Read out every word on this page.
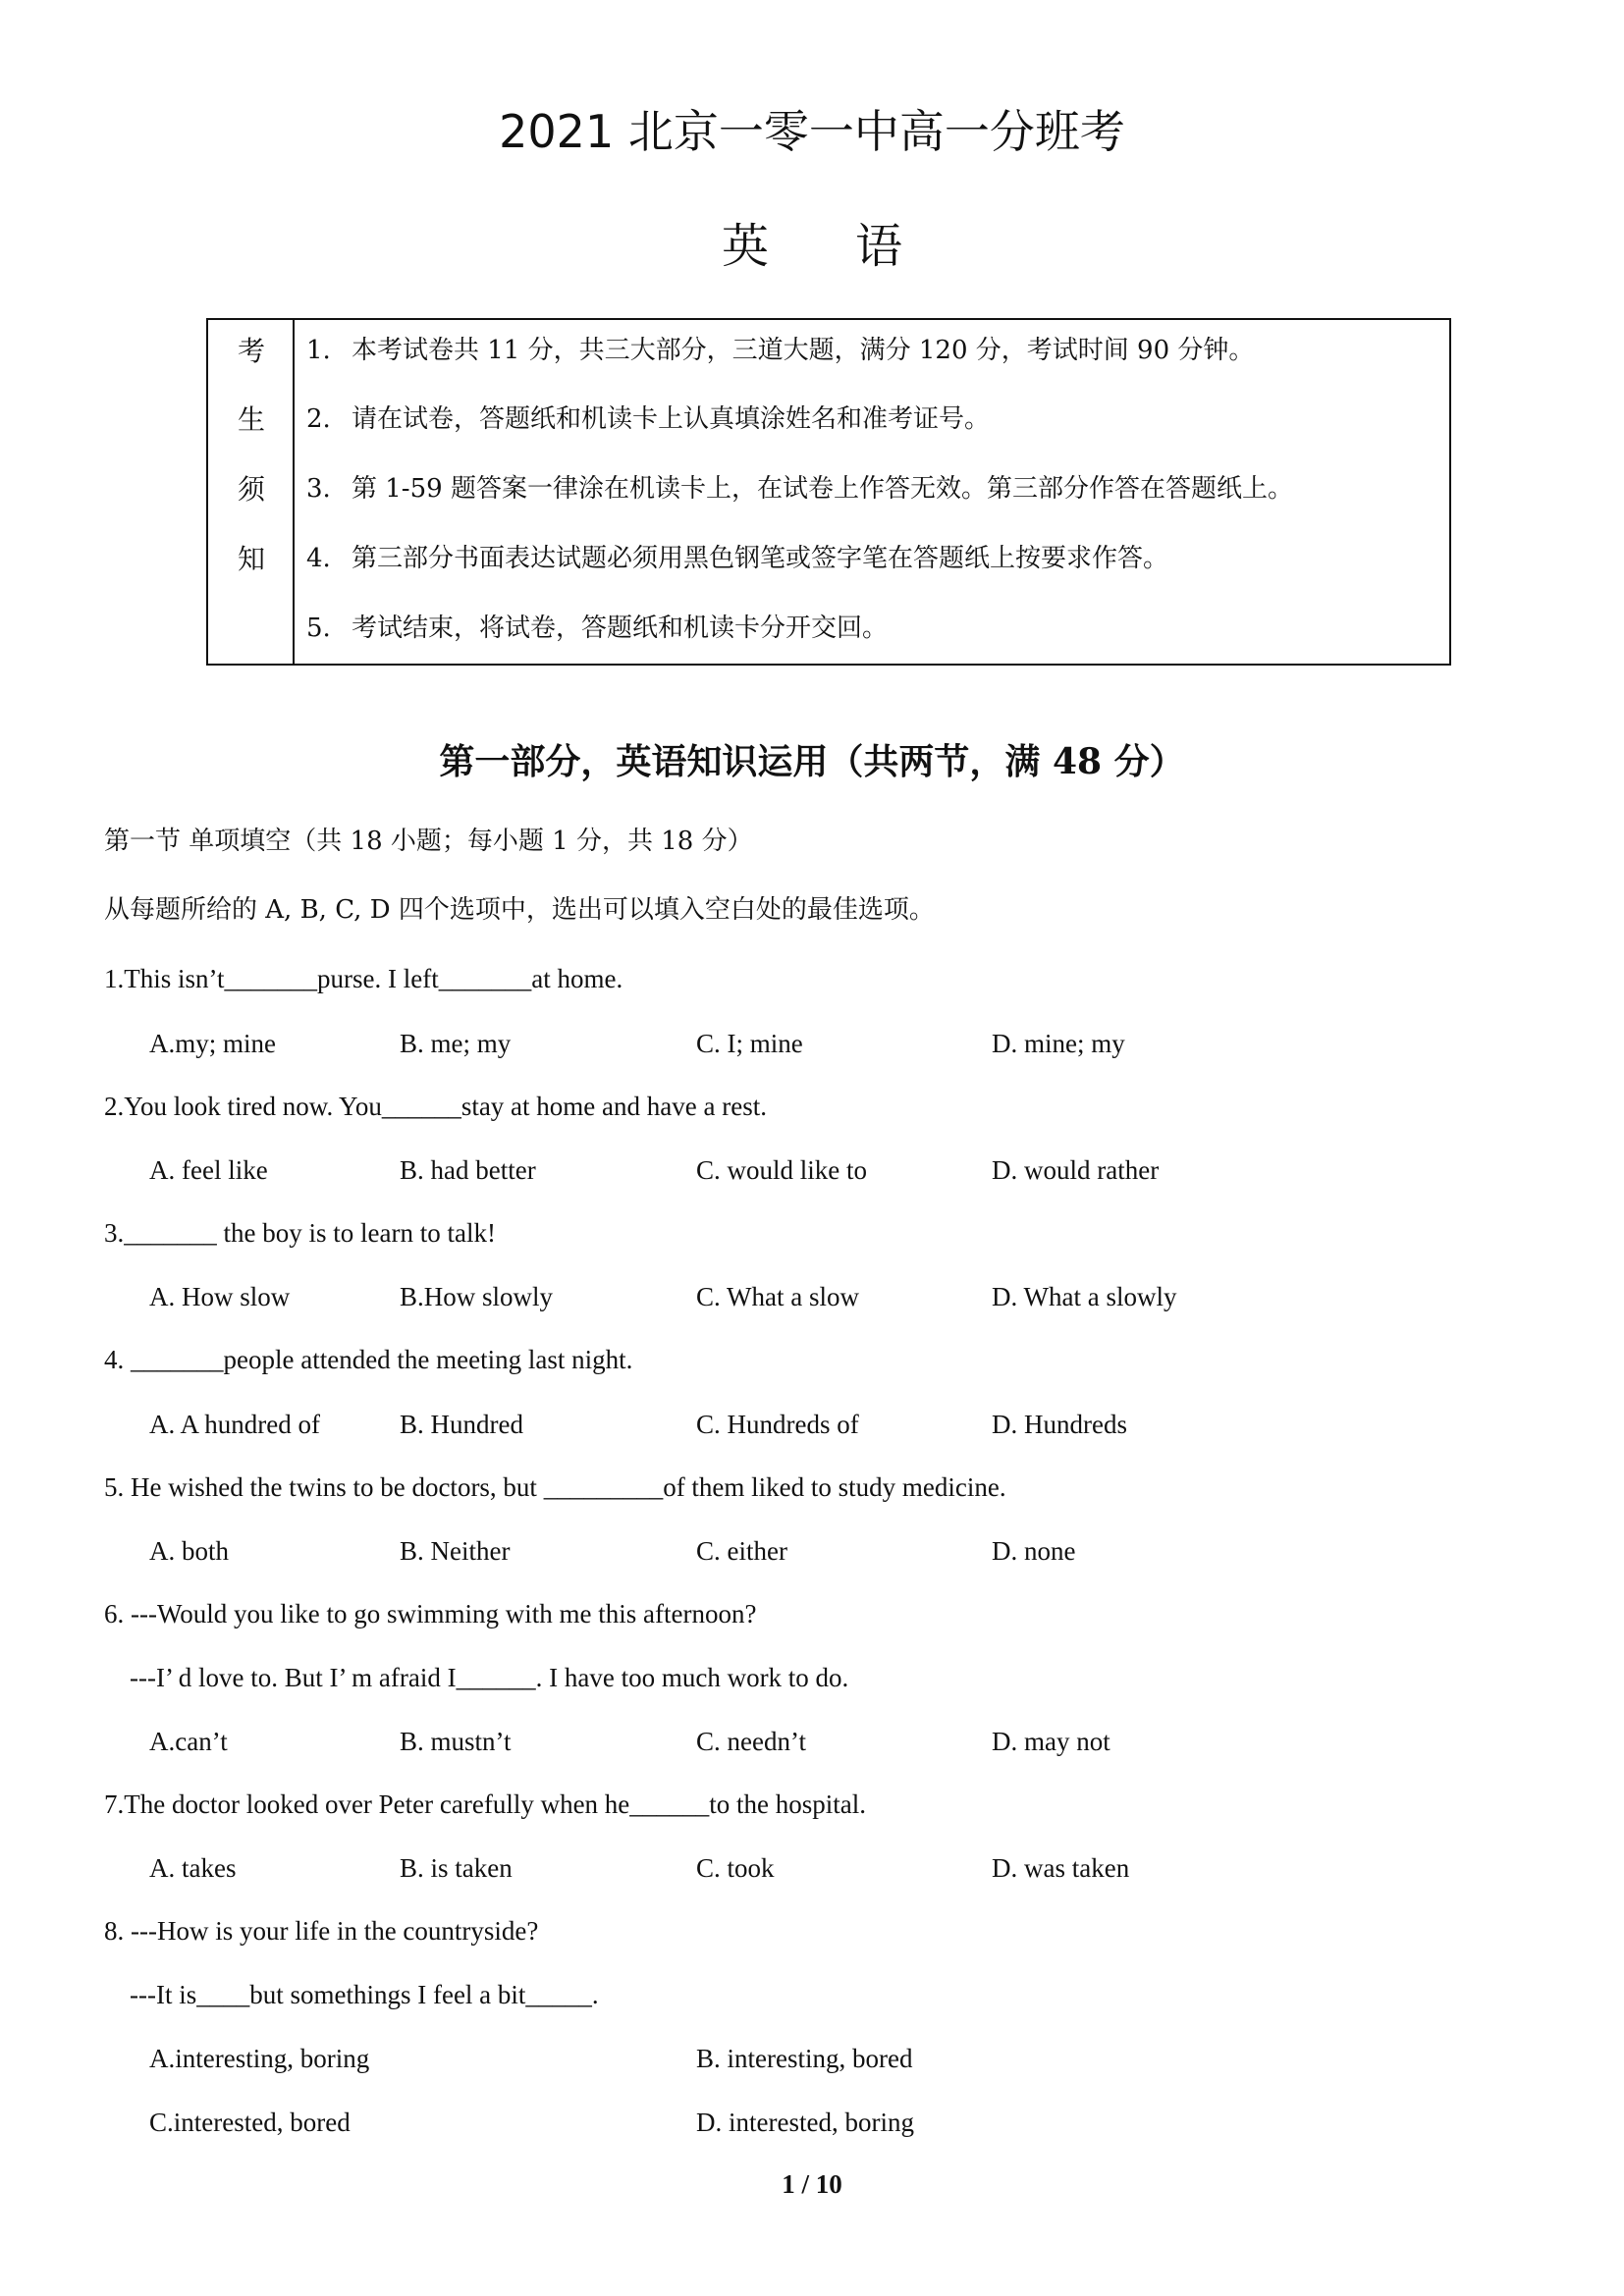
2021 北京一零一中高一分班考
英 语
考
生
须
知
1. 本考试卷共 11 分，共三大部分，三道大题，满分 120 分，考试时间 90 分钟。
2. 请在试卷，答题纸和机读卡上认真填涂姓名和准考证号。
3. 第 1-59 题答案一律涂在机读卡上，在试卷上作答无效。第三部分作答在答题纸上。
4. 第三部分书面表达试题必须用黑色钢笔或签字笔在答题纸上按要求作答。
5. 考试结束，将试卷，答题纸和机读卡分开交回。
第一部分，英语知识运用（共两节，满 48 分）
第一节 单项填空（共 18 小题；每小题 1 分，共 18 分）
从每题所给的 A, B, C, D 四个选项中，选出可以填入空白处的最佳选项。
1.This isn’t_______purse. I left_______at home.
A.my; mine	B. me; my	C. I; mine	D. mine; my
2.You look tired now. You______stay at home and have a rest.
A. feel like	B. had better	C. would like to	D. would rather
3._______ the boy is to learn to talk!
A. How slow	B.How slowly	C. What a slow	D. What a slowly
4. _______people attended the meeting last night.
A. A hundred of	B. Hundred	C. Hundreds of	D. Hundreds
5. He wished the twins to be doctors, but _________of them liked to study medicine.
A. both	B. Neither	C. either	D. none
6. ---Would you like to go swimming with me this afternoon?
---I’ d love to. But I’ m afraid I______. I have too much work to do.
A.can’t	B. mustn’t	C. needn’t	D. may not
7.The doctor looked over Peter carefully when he______to the hospital.
A. takes	B. is taken	C. took	D. was taken
8. ---How is your life in the countryside?
---It is____but somethings I feel a bit_____.
A.interesting, boring	B. interesting, bored
C.interested, bored	D. interested, boring
1 / 10
